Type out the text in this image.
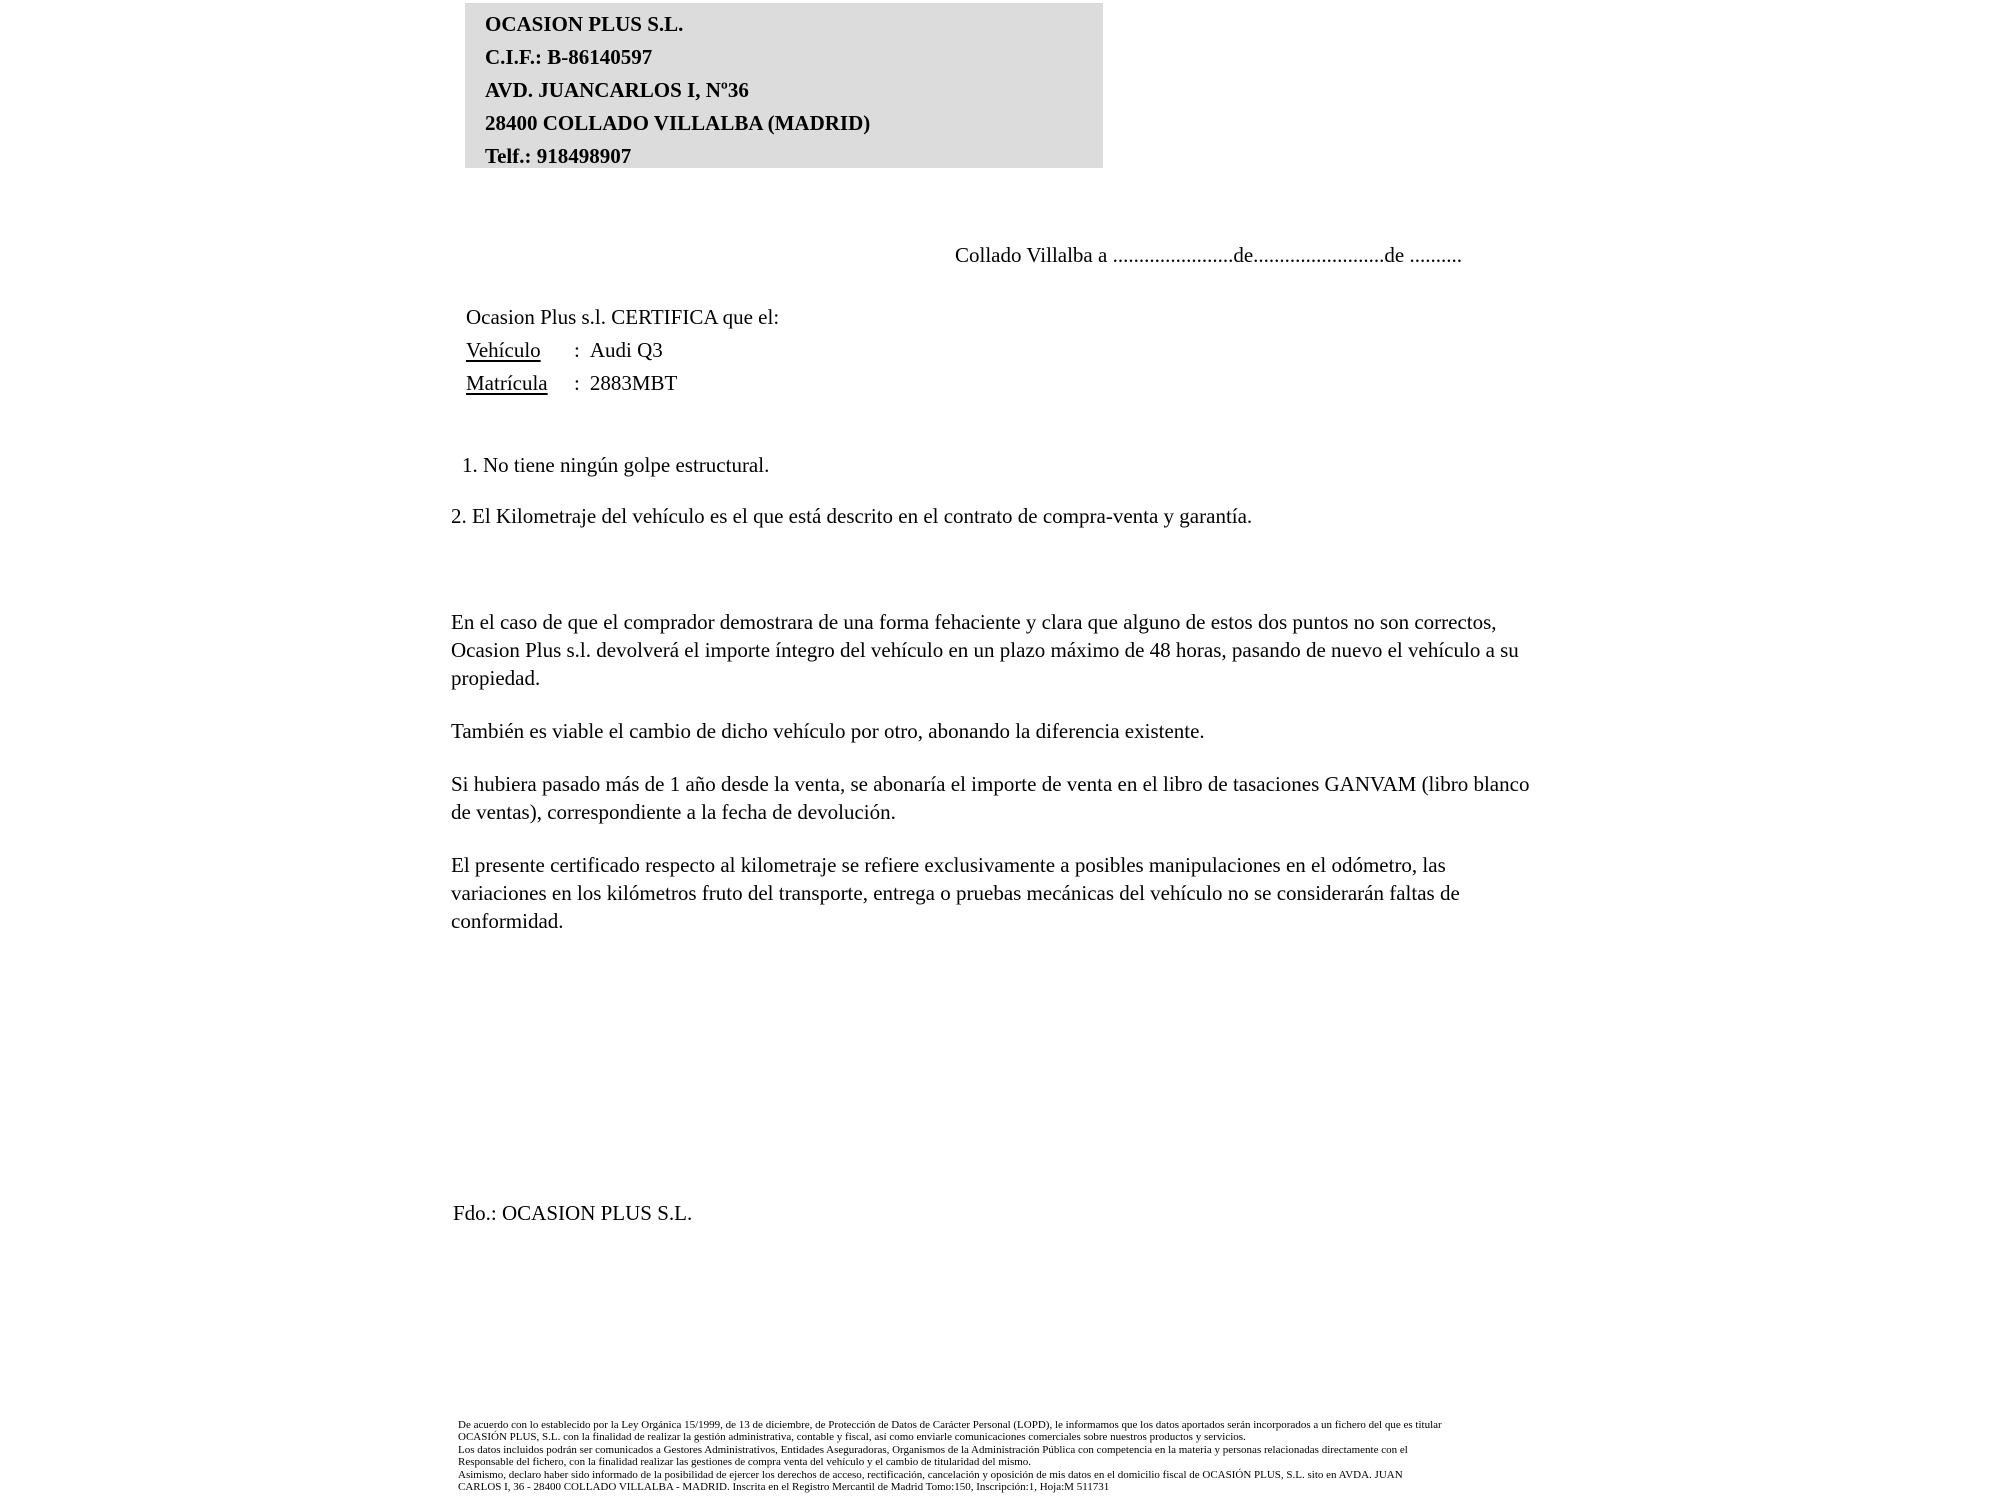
OCASION PLUS S.L.
C.I.F.: B-86140597
AVD. JUANCARLOS I, Nº36
28400 COLLADO VILLALBA (MADRID)
Telf.: 918498907
Collado Villalba a .......................de.........................de ..........
Ocasion Plus s.l. CERTIFICA que el:
Vehículo : Audi Q3
Matrícula : 2883MBT
1. No tiene ningún golpe estructural.
2. El Kilometraje del vehículo es el que está descrito en el contrato de compra-venta y garantía.

En el caso de que el comprador demostrara de una forma fehaciente y clara que alguno de estos dos puntos no son correctos, Ocasion Plus s.l. devolverá el importe íntegro del vehículo en un plazo máximo de 48 horas, pasando de nuevo el vehículo a su propiedad.

También es viable el cambio de dicho vehículo por otro, abonando la diferencia existente.

Si hubiera pasado más de 1 año desde la venta, se abonaría el importe de venta en el libro de tasaciones GANVAM (libro blanco de ventas), correspondiente a la fecha de devolución.

El presente certificado respecto al kilometraje se refiere exclusivamente a posibles manipulaciones en el odómetro, las variaciones en los kilómetros fruto del transporte, entrega o pruebas mecánicas del vehículo no se considerarán faltas de conformidad.

Fdo.: OCASION PLUS S.L.
De acuerdo con lo establecido por la Ley Orgánica 15/1999, de 13 de diciembre, de Protección de Datos de Carácter Personal (LOPD), le informamos que los datos aportados serán incorporados a un fichero del que es titular
OCASIÓN PLUS, S.L. con la finalidad de realizar la gestión administrativa, contable y fiscal, así como enviarle comunicaciones comerciales sobre nuestros productos y servicios.
Los datos incluidos podrán ser comunicados a Gestores Administrativos, Entidades Aseguradoras, Organismos de la Administración Pública con competencia en la materia y personas relacionadas directamente con el
Responsable del fichero, con la finalidad realizar las gestiones de compra venta del vehículo y el cambio de titularidad del mismo.
Asimismo, declaro haber sido informado de la posibilidad de ejercer los derechos de acceso, rectificación, cancelación y oposición de mis datos en el domicilio fiscal de OCASIÓN PLUS, S.L. sito en AVDA. JUAN
CARLOS I, 36 - 28400 COLLADO VILLALBA - MADRID. Inscrita en el Registro Mercantil de Madrid Tomo:150, Inscripción:1, Hoja:M 511731
